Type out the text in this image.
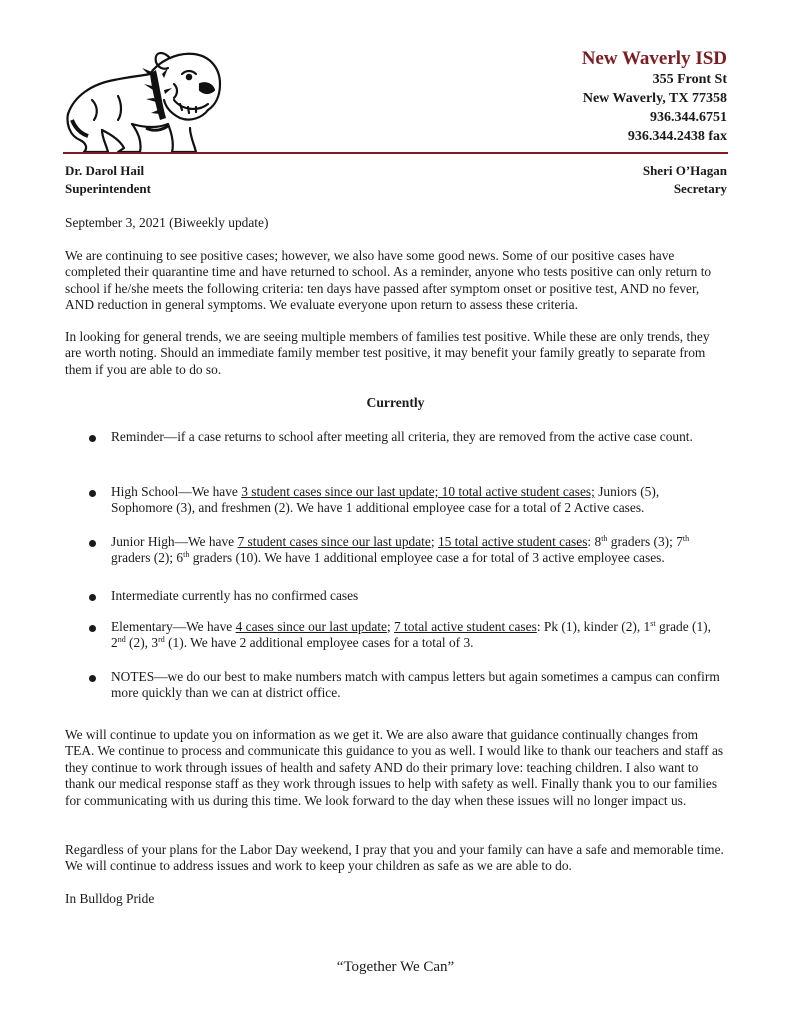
New Waverly ISD
355 Front St
New Waverly, TX 77358
936.344.6751
936.344.2438 fax
Dr. Darol Hail
Superintendent
Sheri O’Hagan
Secretary
September 3, 2021 (Biweekly update)
We are continuing to see positive cases; however, we also have some good news. Some of our positive cases have completed their quarantine time and have returned to school. As a reminder, anyone who tests positive can only return to school if he/she meets the following criteria: ten days have passed after symptom onset or positive test, AND no fever, AND reduction in general symptoms. We evaluate everyone upon return to assess these criteria.
In looking for general trends, we are seeing multiple members of families test positive. While these are only trends, they are worth noting. Should an immediate family member test positive, it may benefit your family greatly to separate from them if you are able to do so.
Currently
Reminder—if a case returns to school after meeting all criteria, they are removed from the active case count.
High School—We have 3 student cases since our last update; 10 total active student cases; Juniors (5), Sophomore (3), and freshmen (2). We have 1 additional employee case for a total of 2 Active cases.
Junior High—We have 7 student cases since our last update; 15 total active student cases: 8th graders (3); 7th graders (2); 6th graders (10). We have 1 additional employee case a for total of 3 active employee cases.
Intermediate currently has no confirmed cases
Elementary—We have 4 cases since our last update; 7 total active student cases: Pk (1), kinder (2), 1st grade (1), 2nd (2), 3rd (1). We have 2 additional employee cases for a total of 3.
NOTES—we do our best to make numbers match with campus letters but again sometimes a campus can confirm more quickly than we can at district office.
We will continue to update you on information as we get it. We are also aware that guidance continually changes from TEA. We continue to process and communicate this guidance to you as well. I would like to thank our teachers and staff as they continue to work through issues of health and safety AND do their primary love: teaching children. I also want to thank our medical response staff as they work through issues to help with safety as well. Finally thank you to our families for communicating with us during this time. We look forward to the day when these issues will no longer impact us.
Regardless of your plans for the Labor Day weekend, I pray that you and your family can have a safe and memorable time. We will continue to address issues and work to keep your children as safe as we are able to do.
In Bulldog Pride
“Together We Can”
